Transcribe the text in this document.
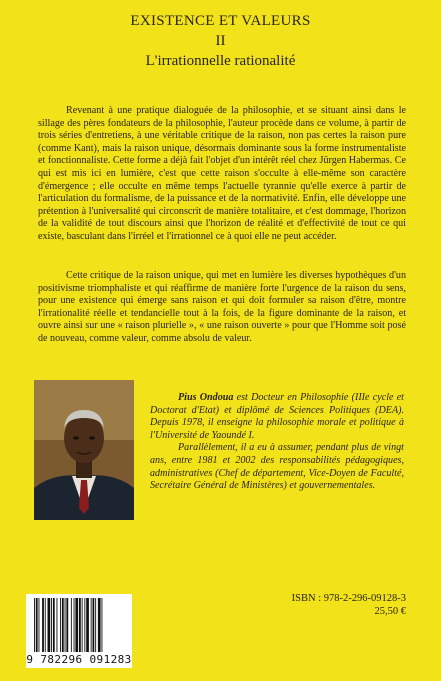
EXISTENCE ET VALEURS
II
L'irrationnelle rationalité

Revenant à une pratique dialoguée de la philosophie, et se situant ainsi dans le sillage des pères fondateurs de la philosophie, l'auteur procède dans ce volume, à partir de trois séries d'entretiens, à une véritable critique de la raison, non pas certes la raison pure (comme Kant), mais la raison unique, désormais dominante sous la forme instrumentaliste et fonctionnaliste. Cette forme a déjà fait l'objet d'un intérêt réel chez Jürgen Habermas. Ce qui est mis ici en lumière, c'est que cette raison s'occulte à elle-même son caractère d'émergence ; elle occulte en même temps l'actuelle tyrannie qu'elle exerce à partir de l'articulation du formalisme, de la puissance et de la normativité. Enfin, elle développe une prétention à l'universalité qui circonscrit de manière totalitaire, et c'est dommage, l'horizon de la validité de tout discours ainsi que l'horizon de réalité et d'effectivité de tout ce qui existe, basculant dans l'irréel et l'irrationnel ce à quoi elle ne peut accéder.

Cette critique de la raison unique, qui met en lumière les diverses hypothèques d'un positivisme triomphaliste et qui réaffirme de manière forte l'urgence de la raison du sens, pour une existence qui émerge sans raison et qui doit formuler sa raison d'être, montre l'irrationalité réelle et tendancielle tout à la fois, de la figure dominante de la raison, et ouvre ainsi sur une « raison plurielle », « une raison ouverte » pour que l'Homme soit posé de nouveau, comme valeur, comme absolu de valeur.

Pius Ondoua est Docteur en Philosophie (IIIe cycle et Doctorat d'Etat) et diplômé de Sciences Politiques (DEA). Depuis 1978, il enseigne la philosophie morale et politique à l'Université de Yaoundé I.

Parallèlement, il a eu à assumer, pendant plus de vingt ans, entre 1981 et 2002 des responsabilités pédagogiques, administratives (Chef de département, Vice-Doyen de Faculté, Secrétaire Général de Ministères) et gouvernementales.

9 782296 091283
ISBN : 978-2-296-09128-3
25,50 €
